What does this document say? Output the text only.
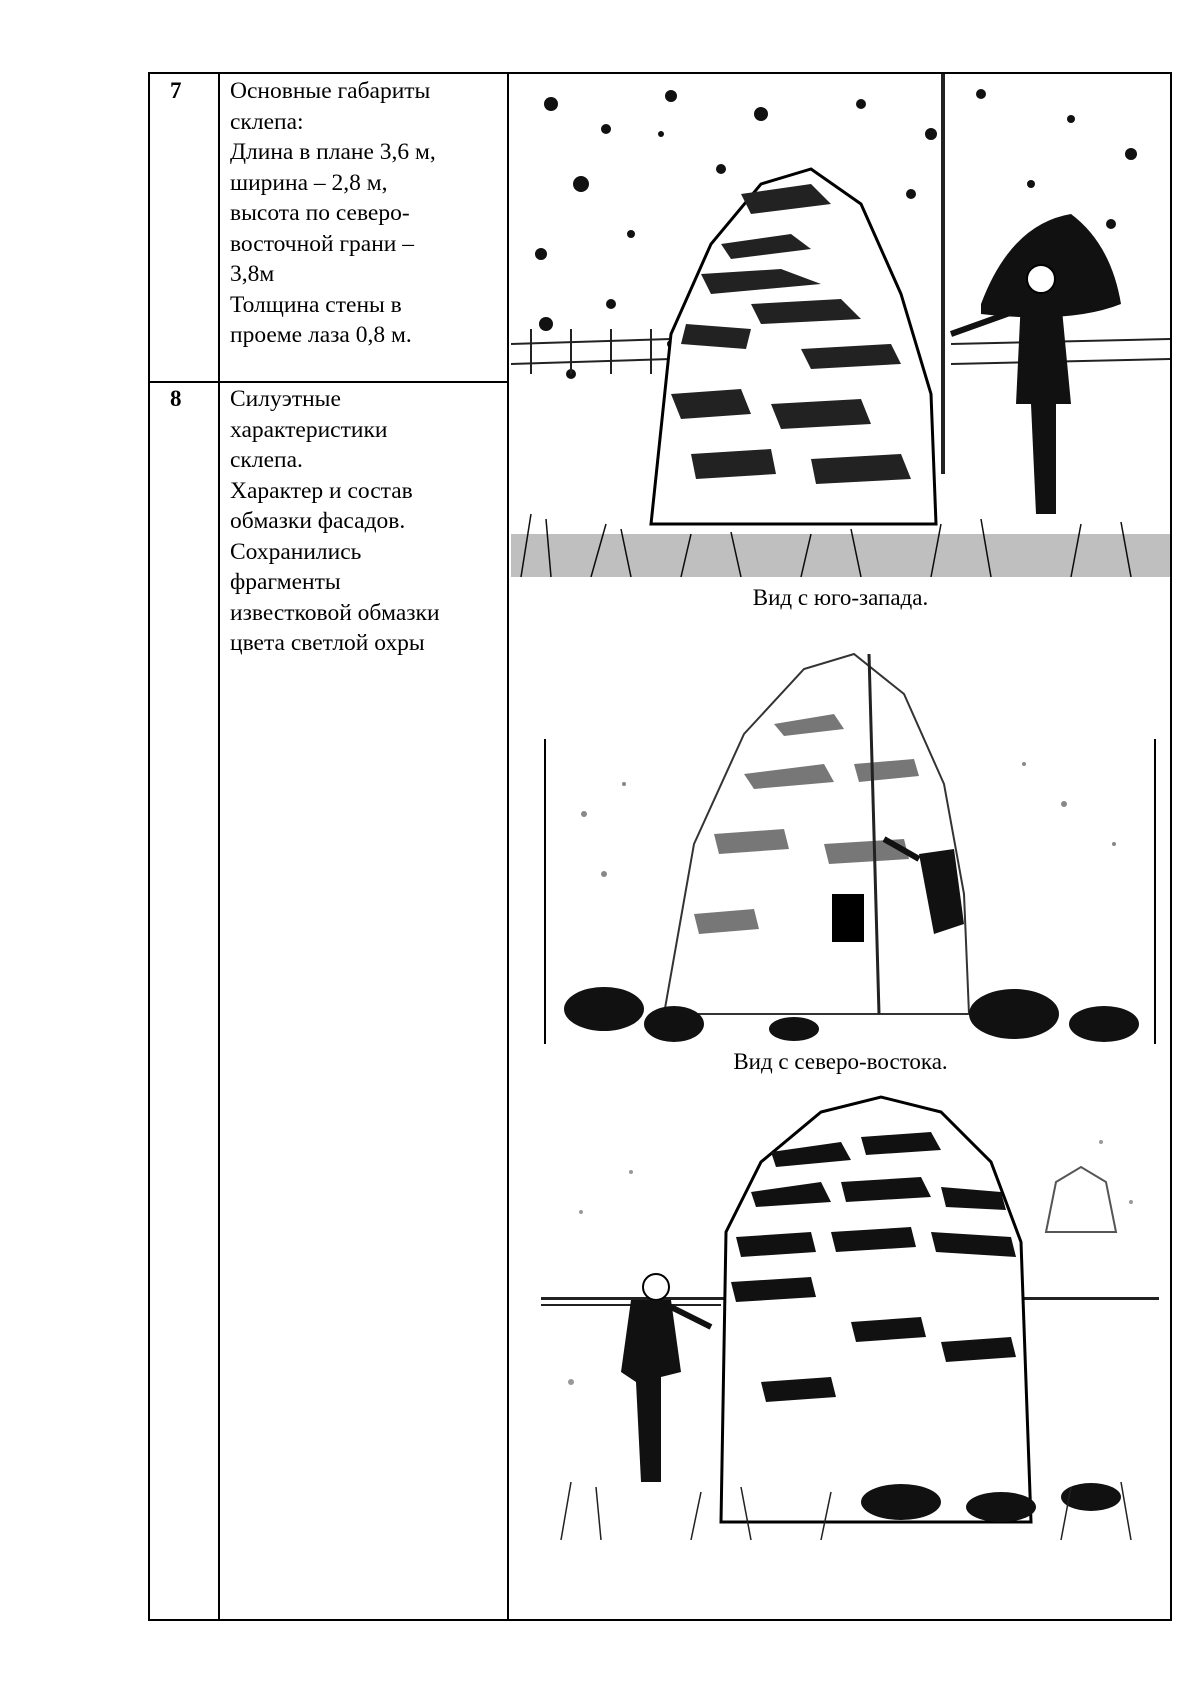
7 Основные габариты
склепа:
Длина в плане 3,6 м,
ширина – 2,8 м,
высота по северо-
восточной грани –
3,8м
Толщина стены в
проеме лаза 0,8 м.
8 Силуэтные
характеристики
склепа.
Характер и состав
обмазки фасадов.
Сохранились
фрагменты
известковой обмазки
цвета светлой охры
Вид с юго-запада.
Вид с северо-востока.
